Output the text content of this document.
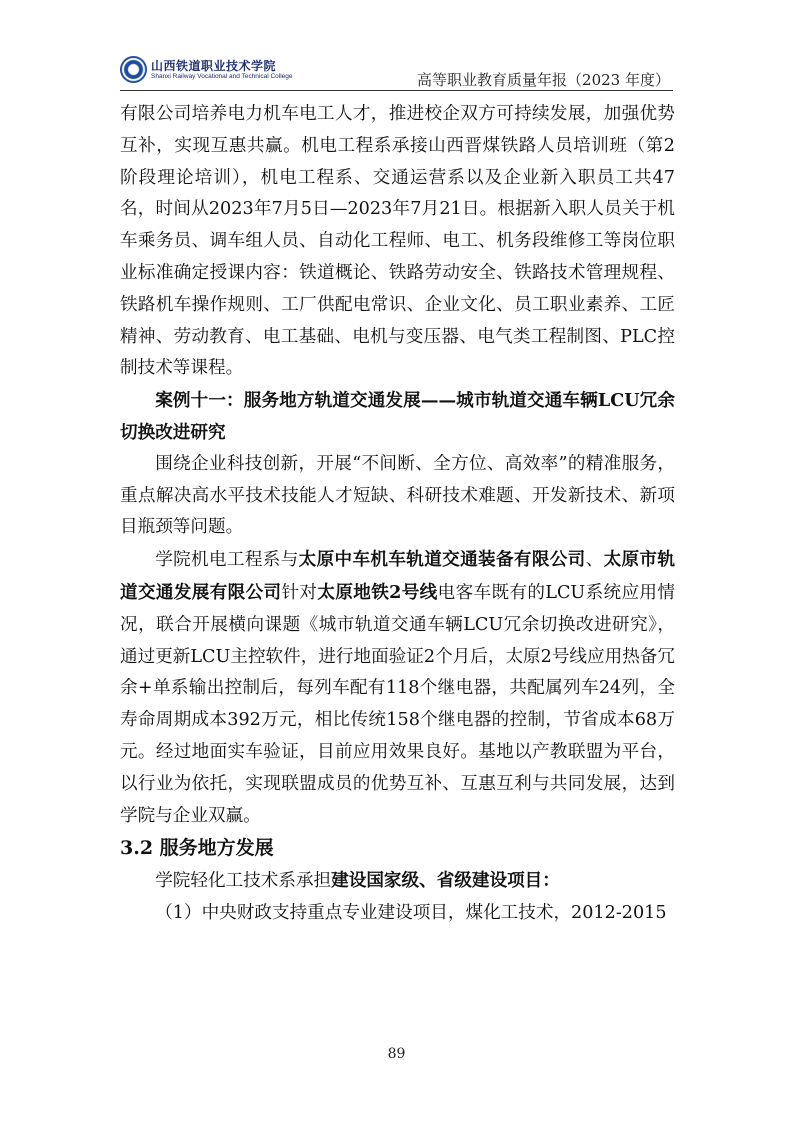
山西铁道职业技术学院
Shanxi Railway Vocational and Technical College	高等职业教育质量年报（2023 年度）

有限公司培养电力机车电工人才，推进校企双方可持续发展，加强优势互补，实现互惠共赢。机电工程系承接山西晋煤铁路人员培训班（第2阶段理论培训），机电工程系、交通运营系以及企业新入职员工共47名，时间从2023年7月5日—2023年7月21日。根据新入职人员关于机车乘务员、调车组人员、自动化工程师、电工、机务段维修工等岗位职业标准确定授课内容：铁道概论、铁路劳动安全、铁路技术管理规程、铁路机车操作规则、工厂供配电常识、企业文化、员工职业素养、工匠精神、劳动教育、电工基础、电机与变压器、电气类工程制图、PLC控制技术等课程。

案例十一：服务地方轨道交通发展——城市轨道交通车辆LCU冗余切换改进研究

围绕企业科技创新，开展“不间断、全方位、高效率”的精准服务，重点解决高水平技术技能人才短缺、科研技术难题、开发新技术、新项目瓶颈等问题。

学院机电工程系与太原中车机车轨道交通装备有限公司、太原市轨道交通发展有限公司针对太原地铁2号线电客车既有的LCU系统应用情况，联合开展横向课题《城市轨道交通车辆LCU冗余切换改进研究》，通过更新LCU主控软件，进行地面验证2个月后，太原2号线应用热备冗余+单系输出控制后，每列车配有118个继电器，共配属列车24列，全寿命周期成本392万元，相比传统158个继电器的控制，节省成本68万元。经过地面实车验证，目前应用效果良好。基地以产教联盟为平台，以行业为依托，实现联盟成员的优势互补、互惠互利与共同发展，达到学院与企业双赢。

3.2 服务地方发展

学院轻化工技术系承担建设国家级、省级建设项目：

（1）中央财政支持重点专业建设项目，煤化工技术，2012-2015

89
